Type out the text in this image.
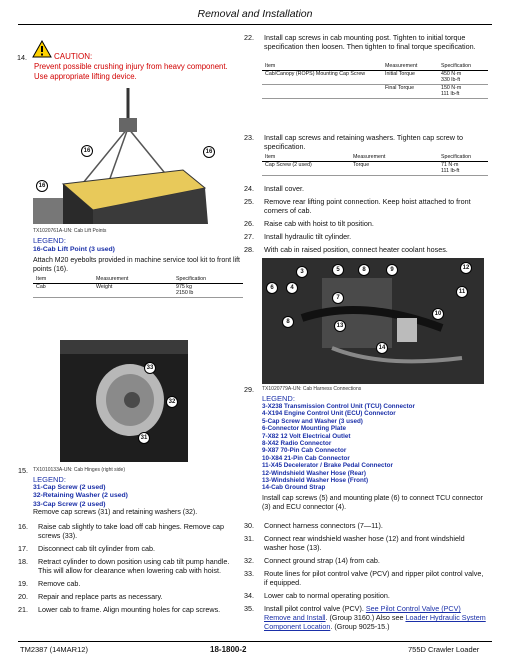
Removal and Installation
14.	CAUTION:
Prevent possible crushing injury from heavy component.
Use appropriate lifting device.
16	16
16
TX1020761A-UN: Cab Lift Points
LEGEND:
16-Cab Lift Point (3 used)
Attach M20 eyebolts provided in machine service tool kit to front lift points (16).
Item	Measurement	Specification
Cab	Weight	975 kg
2150 lb
33
32
31
15. TX1010133A-UN: Cab Hinges (right side)
LEGEND:
31-Cap Screw (2 used)
32-Retaining Washer (2 used)
33-Cap Screw (2 used)
Remove cap screws (31) and retaining washers (32).
16.	Raise cab slightly to take load off cab hinges. Remove cap screws (33).
17.	Disconnect cab tilt cylinder from cab.
18.	Retract cylinder to down position using cab tilt pump handle. This will allow for clearance when lowering cab with hoist.
19.	Remove cab.
20.	Repair and replace parts as necessary.
21.	Lower cab to frame. Align mounting holes for cap screws.
22.	Install cap screws in cab mounting post. Tighten to initial torque specification then loosen. Then tighten to final torque specification.
Item	Measurement	Specification
Cab/Canopy (ROPS) Mounting Cap Screw	Initial Torque	450 N·m
330 lb-ft
	Final Torque	150 N·m
111 lb-ft
23.	Install cap screws and retaining washers. Tighten cap screw to specification.
Item	Measurement	Specification
Cap Screw (2 used)	Torque	71 N·m
111 lb-ft
24.	Install cover.
25.	Remove rear lifting point connection. Keep hoist attached to front corners of cab.
26.	Raise cab with hoist to tilt position.
27.	Install hydraulic tilt cylinder.
28.	With cab in raised position, connect heater coolant hoses.
3	5	8	9	12
6	4
7
11
10
8
13
14
29. TX1020779A-UN: Cab Harness Connections
LEGEND:
3-X238 Transmission Control Unit (TCU) Connector
4-X194 Engine Control Unit (ECU) Connector
5-Cap Screw and Washer (3 used)
6-Connector Mounting Plate
7-X82 12 Volt Electrical Outlet
8-X42 Radio Connector
9-X87 70-Pin Cab Connector
10-X84 21-Pin Cab Connector
11-X45 Decelerator / Brake Pedal Connector
12-Windshield Washer Hose (Rear)
13-Windshield Washer Hose (Front)
14-Cab Ground Strap
Install cap screws (5) and mounting plate (6) to connect TCU connector (3) and ECU connector (4).
30.	Connect harness connectors (7—11).
31.	Connect rear windshield washer hose (12) and front windshield washer hose (13).
32.	Connect ground strap (14) from cab.
33.	Route lines for pilot control valve (PCV) and ripper pilot control valve, if equipped.
34.	Lower cab to normal operating position.
35.	Install pilot control valve (PCV). See Pilot Control Valve (PCV) Remove and Install. (Group 3160.) Also see Loader Hydraulic System Component Location. (Group 9025-15.)
TM2387 (14MAR12)	18-1800-2	755D Crawler Loader
